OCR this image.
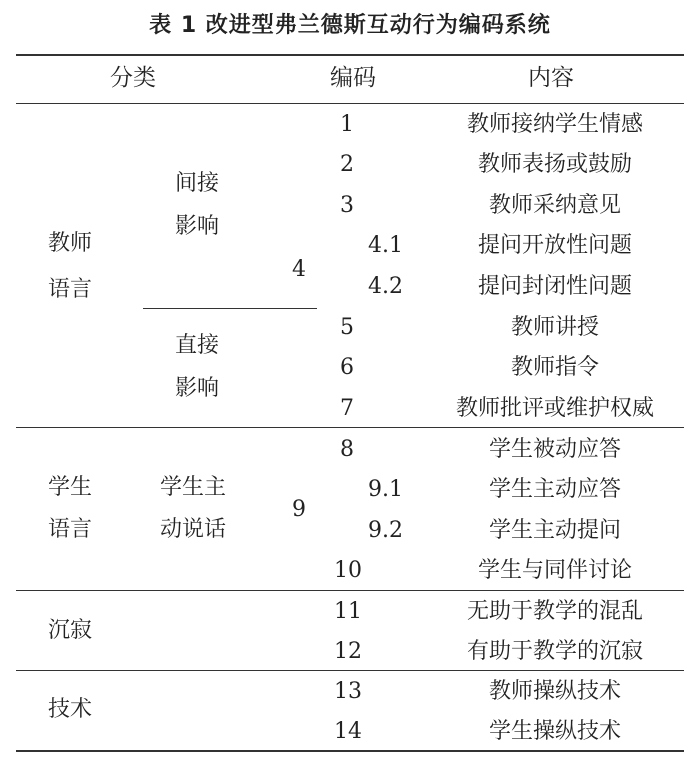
表 1 改进型弗兰德斯互动行为编码系统
分类	编码	内容
教师
语言
间接
影响
4
直接
影响
学生
语言
学生主
动说话
9
沉寂
技术
1
2
3
4.1
4.2
5
6
7
8
9.1
9.2
10
11
12
13
14
教师接纳学生情感
教师表扬或鼓励
教师采纳意见
提问开放性问题
提问封闭性问题
教师讲授
教师指令
教师批评或维护权威
学生被动应答
学生主动应答
学生主动提问
学生与同伴讨论
无助于教学的混乱
有助于教学的沉寂
教师操纵技术
学生操纵技术
